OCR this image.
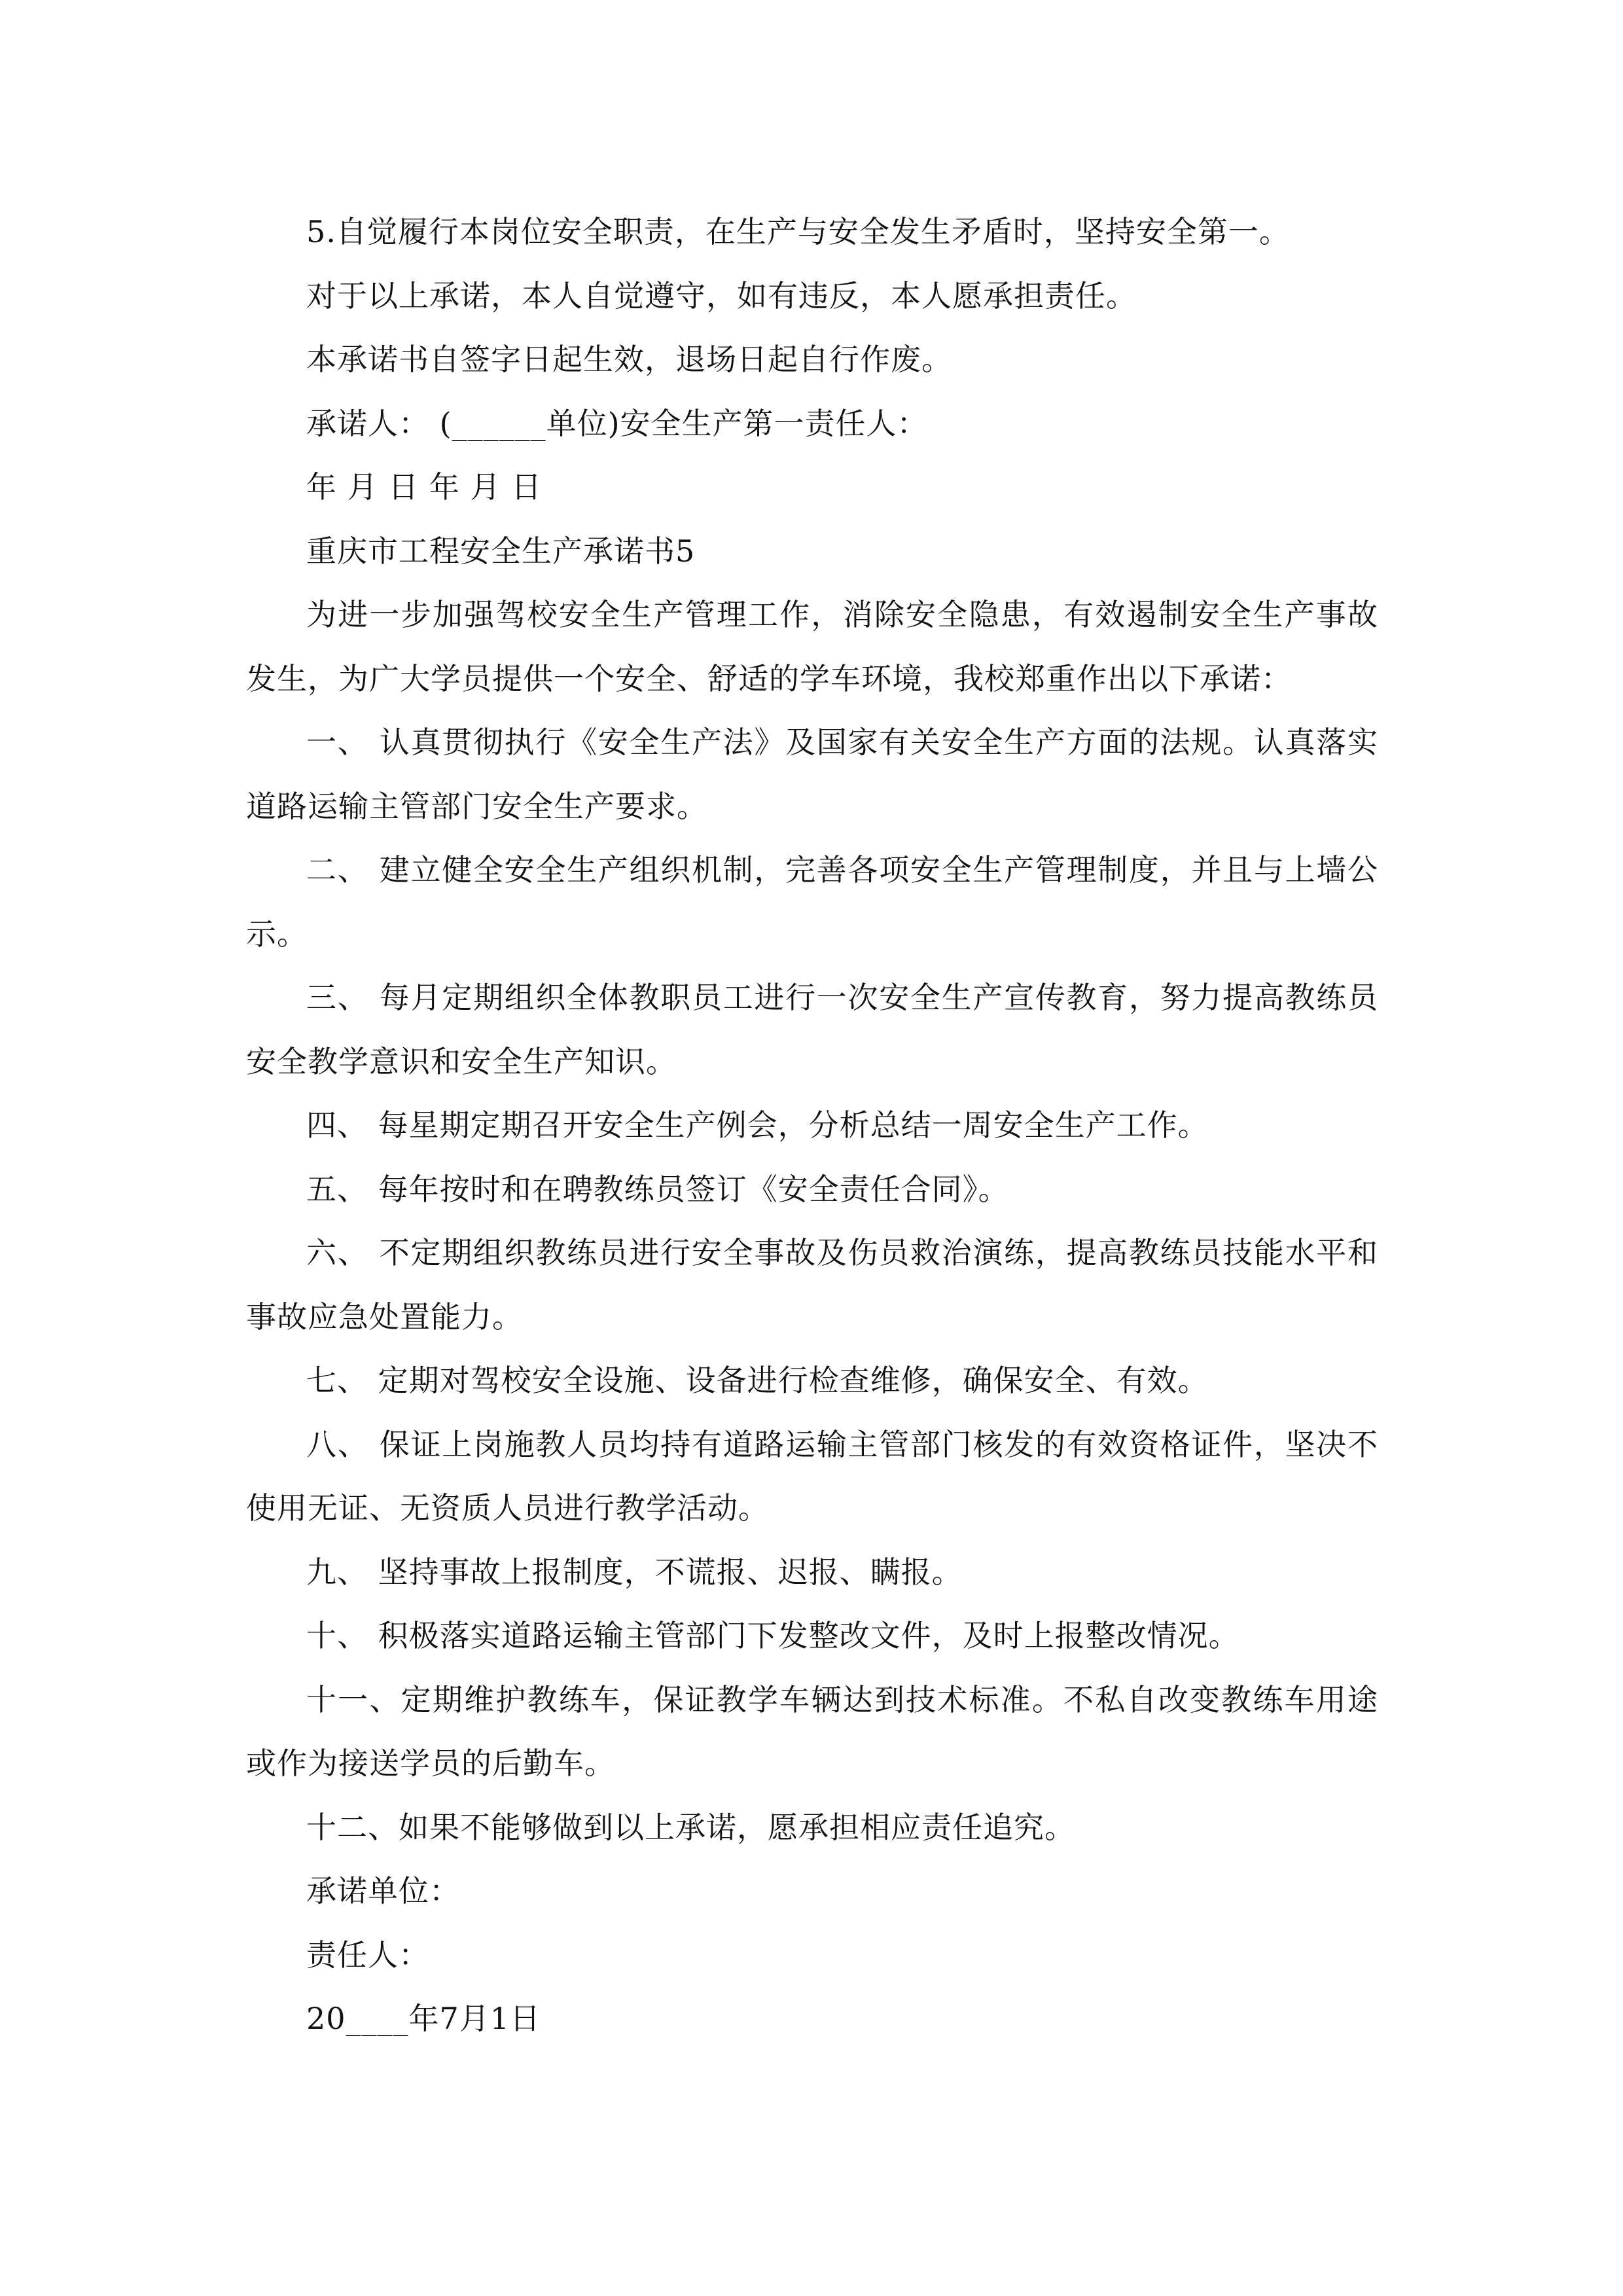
5.自觉履行本岗位安全职责，在生产与安全发生矛盾时，坚持安全第一。

对于以上承诺，本人自觉遵守，如有违反，本人愿承担责任。

本承诺书自签字日起生效，退场日起自行作废。

承诺人： (______单位)安全生产第一责任人：

年 月 日 年 月 日

重庆市工程安全生产承诺书5

为进一步加强驾校安全生产管理工作，消除安全隐患，有效遏制安全生产事故发生，为广大学员提供一个安全、舒适的学车环境，我校郑重作出以下承诺：

一、 认真贯彻执行《安全生产法》及国家有关安全生产方面的法规。认真落实道路运输主管部门安全生产要求。

二、 建立健全安全生产组织机制，完善各项安全生产管理制度，并且与上墙公示。

三、 每月定期组织全体教职员工进行一次安全生产宣传教育，努力提高教练员安全教学意识和安全生产知识。

四、 每星期定期召开安全生产例会，分析总结一周安全生产工作。

五、 每年按时和在聘教练员签订《安全责任合同》。

六、 不定期组织教练员进行安全事故及伤员救治演练，提高教练员技能水平和事故应急处置能力。

七、 定期对驾校安全设施、设备进行检查维修，确保安全、有效。

八、 保证上岗施教人员均持有道路运输主管部门核发的有效资格证件，坚决不使用无证、无资质人员进行教学活动。

九、 坚持事故上报制度，不谎报、迟报、瞒报。

十、 积极落实道路运输主管部门下发整改文件，及时上报整改情况。

十一、定期维护教练车，保证教学车辆达到技术标准。不私自改变教练车用途或作为接送学员的后勤车。

十二、如果不能够做到以上承诺，愿承担相应责任追究。

承诺单位：

责任人：

20____年7月1日
